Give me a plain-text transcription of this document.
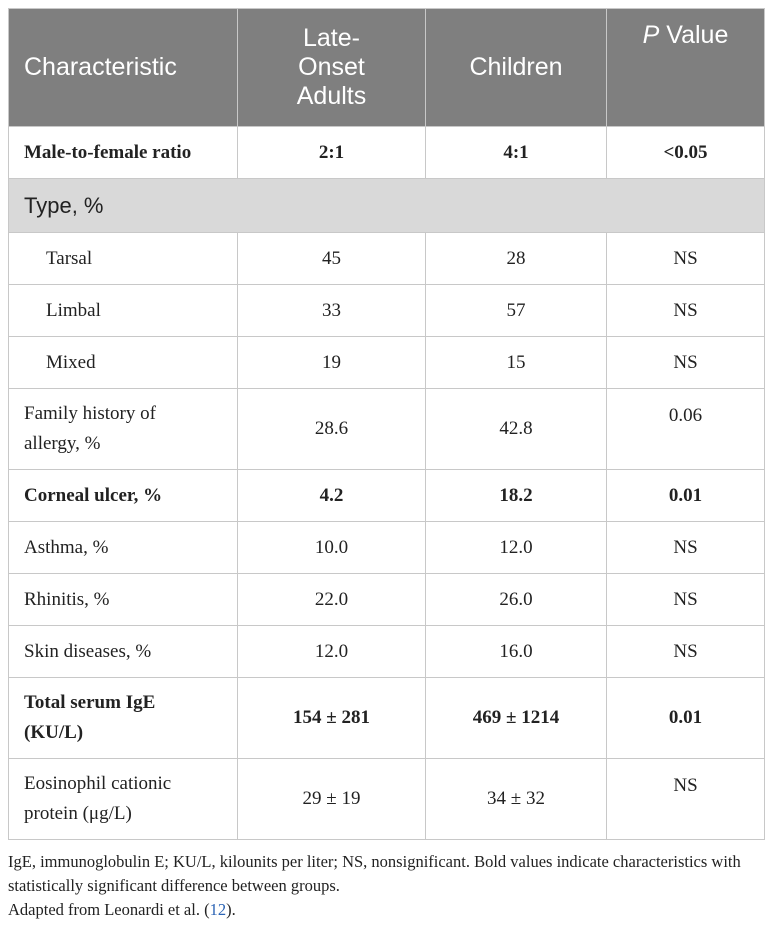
Characteristic	Late-Onset Adults	Children	P Value
Male-to-female ratio	2:1	4:1	<0.05
Type, %			
Tarsal	45	28	NS
Limbal	33	57	NS
Mixed	19	15	NS
Family history of allergy, %	28.6	42.8	0.06
Corneal ulcer, %	4.2	18.2	0.01
Asthma, %	10.0	12.0	NS
Rhinitis, %	22.0	26.0	NS
Skin diseases, %	12.0	16.0	NS
Total serum IgE (KU/L)	154 ± 281	469 ± 1214	0.01
Eosinophil cationic protein (μg/L)	29 ± 19	34 ± 32	NS
IgE, immunoglobulin E; KU/L, kilounits per liter; NS, nonsignificant. Bold values indicate characteristics with statistically significant difference between groups.
Adapted from Leonardi et al. (12).
